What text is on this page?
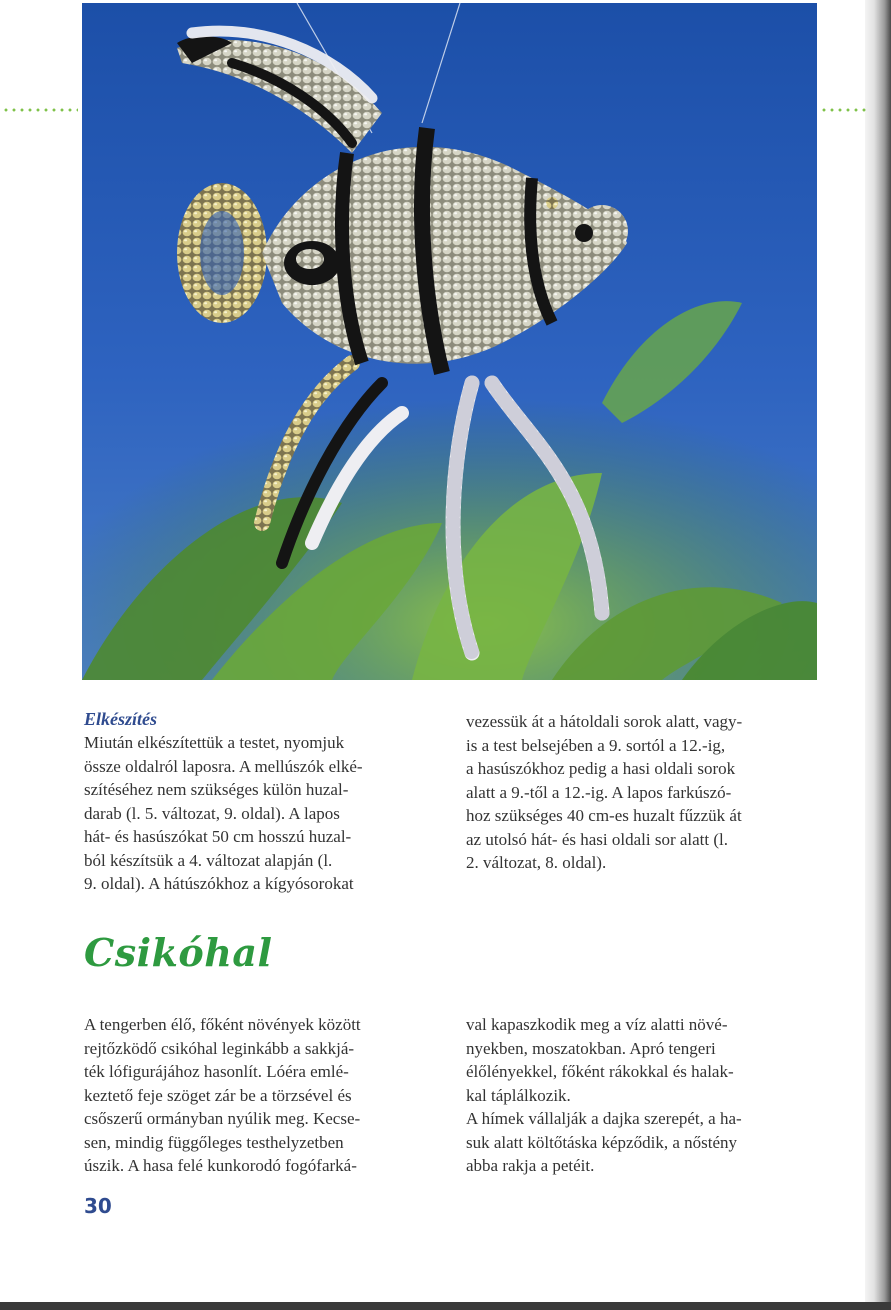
Elkészítés

Miután elkészítettük a testet, nyomjuk

össze oldalról laposra. A mellúszók elké-

szítéséhez nem szükséges külön huzal-

darab (l. 5. változat, 9. oldal). A lapos

hát- és hasúszókat 50 cm hosszú huzal-

ból készítsük a 4. változat alapján (l.

9. oldal). A hátúszókhoz a kígyósorokat

vezessük át a hátoldali sorok alatt, vagy-

is a test belsejében a 9. sortól a 12.-ig,

a hasúszókhoz pedig a hasi oldali sorok

alatt a 9.-től a 12.-ig. A lapos farkúszó-

hoz szükséges 40 cm-es huzalt fűzzük át

az utolsó hát- és hasi oldali sor alatt (l.

2. változat, 8. oldal).

Csikóhal

A tengerben élő, főként növények között

rejtőzködő csikóhal leginkább a sakkjá-

ték lófigurájához hasonlít. Lóéra emlé-

keztető feje szöget zár be a törzsével és

csőszerű ormányban nyúlik meg. Kecse-

sen, mindig függőleges testhelyzetben

úszik. A hasa felé kunkorodó fogófarká-

val kapaszkodik meg a víz alatti növé-

nyekben, moszatokban. Apró tengeri

élőlényekkel, főként rákokkal és halak-

kal táplálkozik.

A hímek vállalják a dajka szerepét, a ha-

suk alatt költőtáska képződik, a nőstény

abba rakja a petéit.

30
